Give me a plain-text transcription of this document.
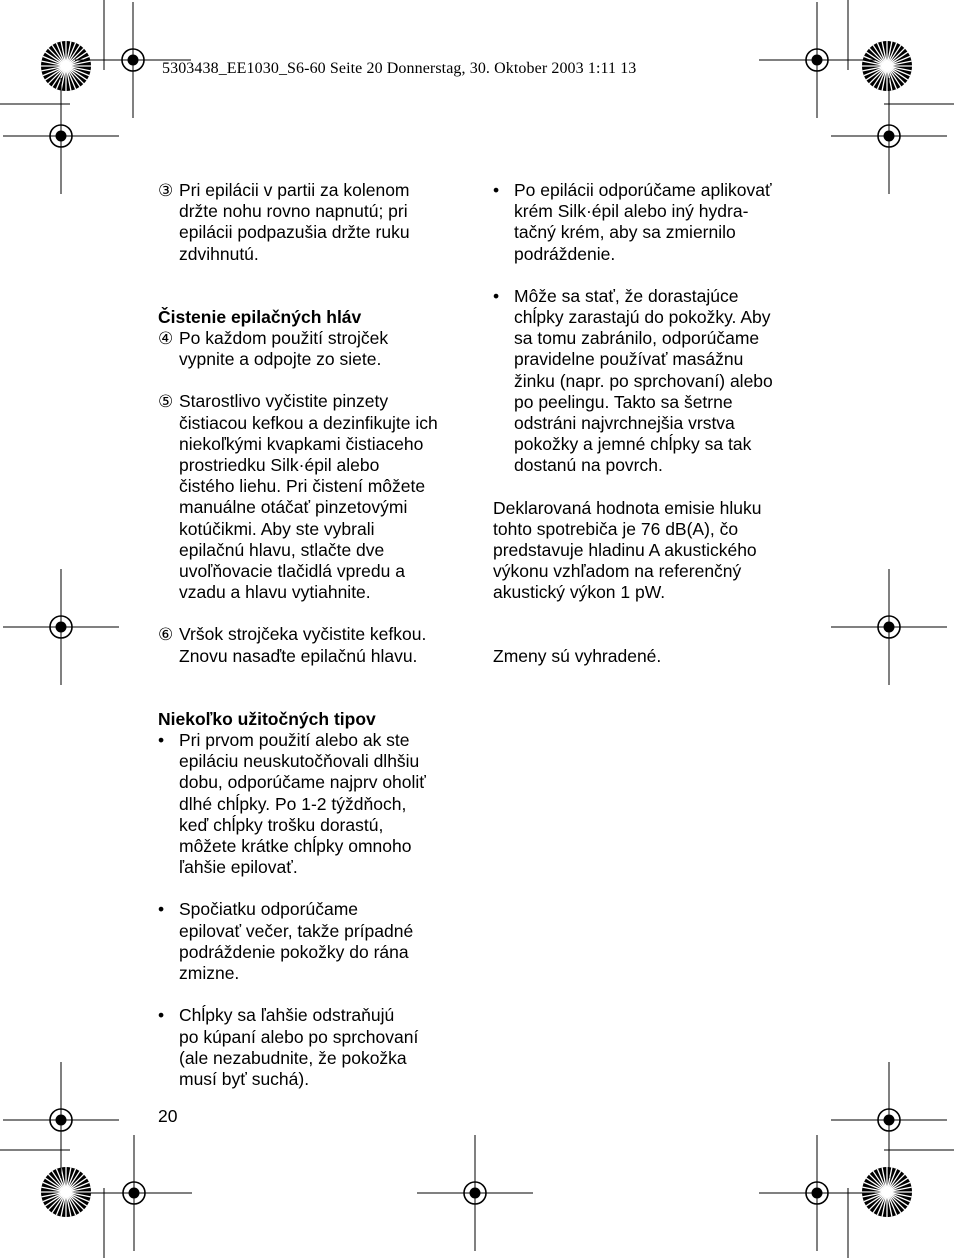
5303438_EE1030_S6-60 Seite 20 Donnerstag, 30. Oktober 2003 1:11 13
③ Pri epilácii v partii za kolenom
držte nohu rovno napnutú; pri
epilácii podpazušia držte ruku
zdvihnutú.
Čistenie epilačných hláv
④ Po každom použití strojček
vypnite a odpojte zo siete.
⑤ Starostlivo vyčistite pinzety
čistiacou kefkou a dezinfikujte ich
niekoľkými kvapkami čistiaceho
prostriedku Silk·épil alebo
čistého liehu. Pri čistení môžete
manuálne otáčať pinzetovými
kotúčikmi. Aby ste vybrali
epilačnú hlavu, stlačte dve
uvoľňovacie tlačidlá vpredu a
vzadu a hlavu vytiahnite.
⑥ Vršok strojčeka vyčistite kefkou.
Znovu nasaďte epilačnú hlavu.
Niekoľko užitočných tipov
• Pri prvom použití alebo ak ste
epiláciu neuskutočňovali dlhšiu
dobu, odporúčame najprv oholiť
dlhé chĺpky. Po 1-2 týždňoch,
keď chĺpky trošku dorastú,
môžete krátke chĺpky omnoho
ľahšie epilovať.
• Spočiatku odporúčame
epilovať večer, takže prípadné
podráždenie pokožky do rána
zmizne.
• Chĺpky sa ľahšie odstraňujú
po kúpaní alebo po sprchovaní
(ale nezabudnite, že pokožka
musí byť suchá).
• Po epilácii odporúčame aplikovať
krém Silk·épil alebo iný hydra-
tačný krém, aby sa zmiernilo
podráždenie.
• Môže sa stať, že dorastajúce
chĺpky zarastajú do pokožky. Aby
sa tomu zabránilo, odporúčame
pravidelne používať masážnu
žinku (napr. po sprchovaní) alebo
po peelingu. Takto sa šetrne
odstráni najvrchnejšia vrstva
pokožky a jemné chĺpky sa tak
dostanú na povrch.
Deklarovaná hodnota emisie hluku
tohto spotrebiča je 76 dB(A), čo
predstavuje hladinu A akustického
výkonu vzhľadom na referenčný
akustický výkon 1 pW.
Zmeny sú vyhradené.
20
